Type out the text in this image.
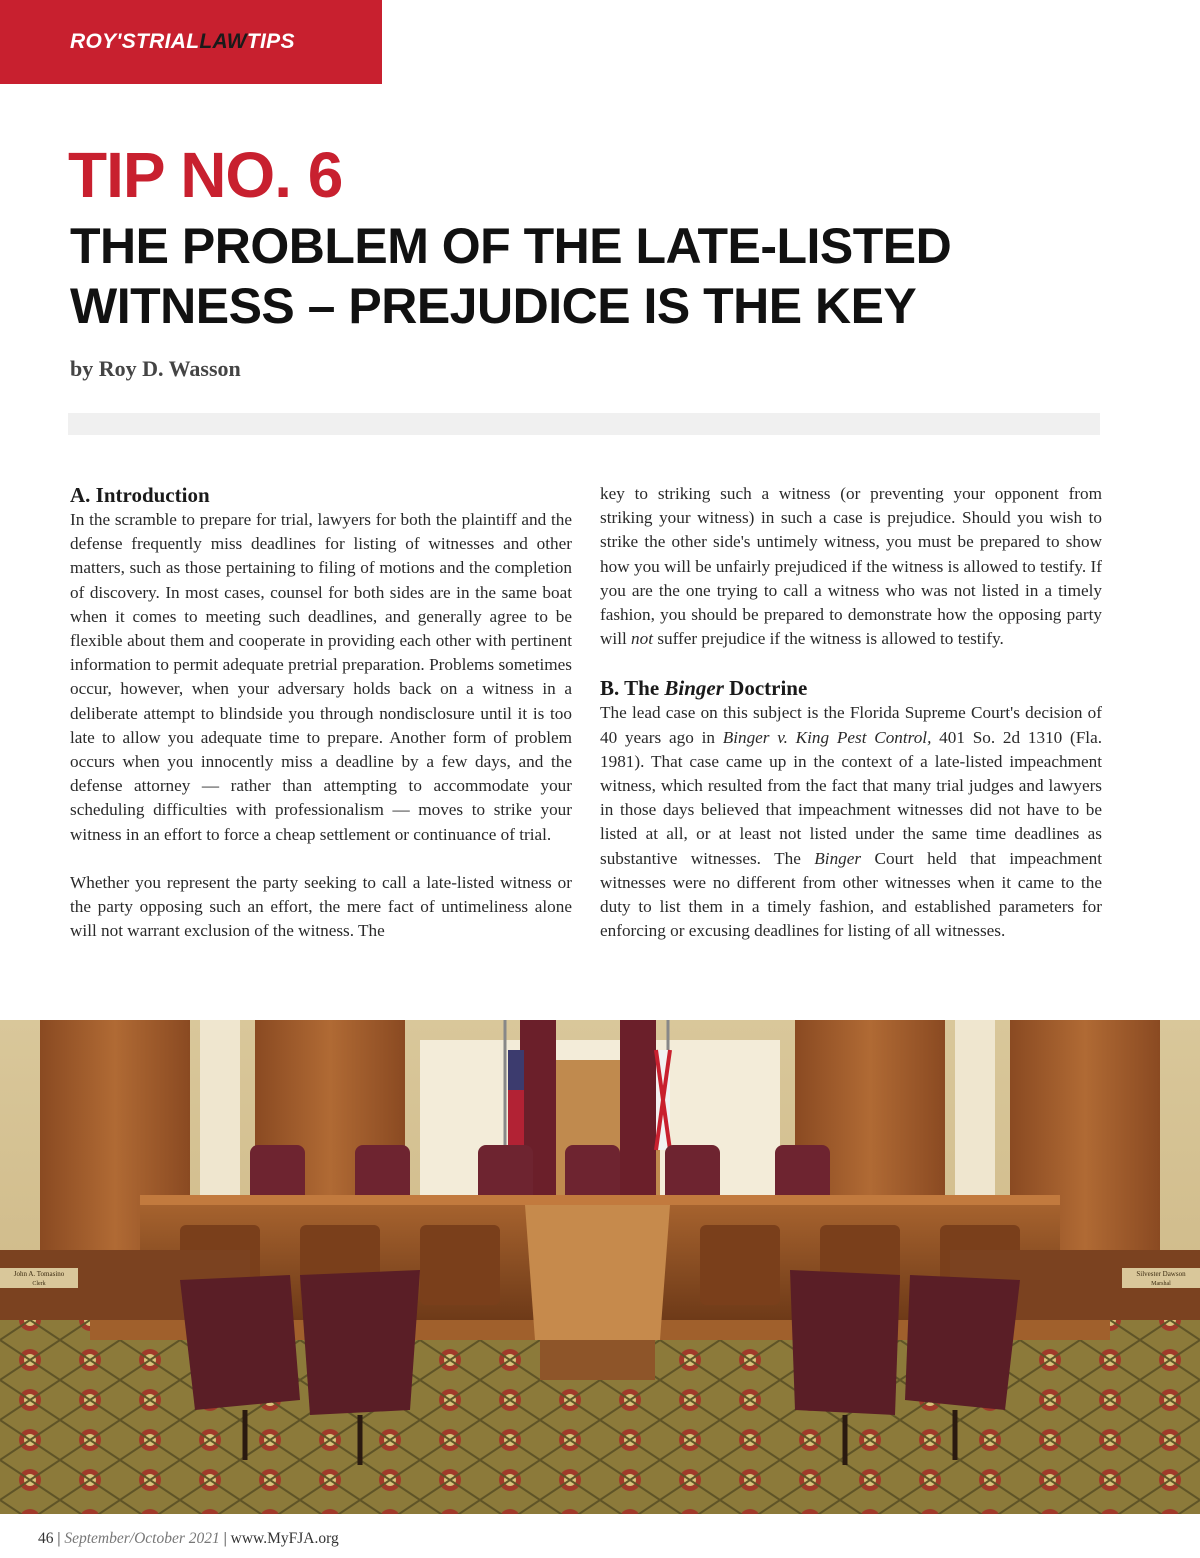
ROY'STRIALLAWTIPS
TIP NO. 6
THE PROBLEM OF THE LATE-LISTED
WITNESS – PREJUDICE IS THE KEY
by Roy D. Wasson
A. Introduction

In the scramble to prepare for trial, lawyers for both the plaintiff and the defense frequently miss deadlines for listing of witnesses and other matters, such as those pertaining to filing of motions and the completion of discovery. In most cases, counsel for both sides are in the same boat when it comes to meeting such deadlines, and generally agree to be flexible about them and cooperate in providing each other with pertinent information to permit adequate pretrial preparation. Problems sometimes occur, however, when your adversary holds back on a witness in a deliberate attempt to blindside you through nondisclosure until it is too late to allow you adequate time to prepare. Another form of problem occurs when you innocently miss a deadline by a few days, and the defense attorney — rather than attempting to accommodate your scheduling difficulties with professionalism — moves to strike your witness in an effort to force a cheap settlement or continuance of trial.

Whether you represent the party seeking to call a late-listed witness or the party opposing such an effort, the mere fact of untimeliness alone will not warrant exclusion of the witness. The

key to striking such a witness (or preventing your opponent from striking your witness) in such a case is prejudice. Should you wish to strike the other side's untimely witness, you must be prepared to show how you will be unfairly prejudiced if the witness is allowed to testify. If you are the one trying to call a witness who was not listed in a timely fashion, you should be prepared to demonstrate how the opposing party will not suffer prejudice if the witness is allowed to testify.

B. The Binger Doctrine

The lead case on this subject is the Florida Supreme Court's decision of 40 years ago in Binger v. King Pest Control, 401 So. 2d 1310 (Fla. 1981). That case came up in the context of a late-listed impeachment witness, which resulted from the fact that many trial judges and lawyers in those days believed that impeachment witnesses did not have to be listed at all, or at least not listed under the same time deadlines as substantive witnesses. The Binger Court held that impeachment witnesses were no different from other witnesses when it came to the duty to list them in a timely fashion, and established parameters for enforcing or excusing deadlines for listing of all witnesses.

John A. Tomasino
Clerk
Silvester Dawson
Marshal
46 | September/October 2021 | www.MyFJA.org
